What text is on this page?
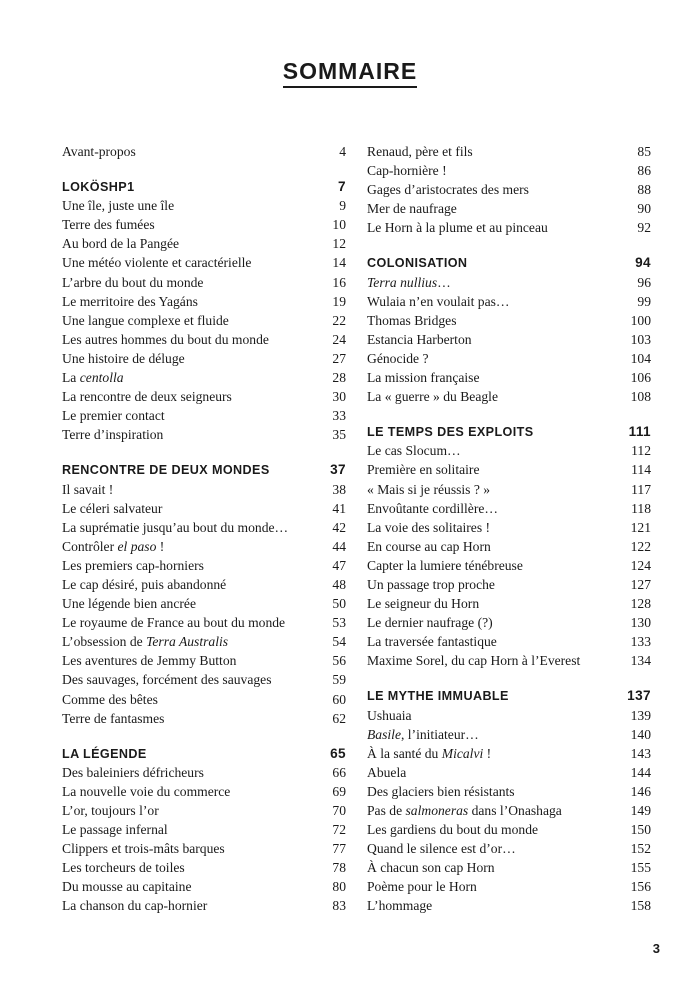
SOMMAIRE
Avant-propos	4
LOKÖSHP1	7
Une île, juste une île	9
Terre des fumées	10
Au bord de la Pangée	12
Une météo violente et caractérielle	14
L’arbre du bout du monde	16
Le merritoire des Yagáns	19
Une langue complexe et fluide	22
Les autres hommes du bout du monde	24
Une histoire de déluge	27
La centolla	28
La rencontre de deux seigneurs	30
Le premier contact	33
Terre d’inspiration	35
RENCONTRE DE DEUX MONDES	37
Il savait !	38
Le céleri salvateur	41
La suprématie jusqu’au bout du monde…	42
Contrôler el paso !	44
Les premiers cap-horniers	47
Le cap désiré, puis abandonné	48
Une légende bien ancrée	50
Le royaume de France au bout du monde	53
L’obsession de Terra Australis	54
Les aventures de Jemmy Button	56
Des sauvages, forcément des sauvages	59
Comme des bêtes	60
Terre de fantasmes	62
LA LÉGENDE	65
Des baleiniers défricheurs	66
La nouvelle voie du commerce	69
L’or, toujours l’or	70
Le passage infernal	72
Clippers et trois-mâts barques	77
Les torcheurs de toiles	78
Du mousse au capitaine	80
La chanson du cap-hornier	83
Renaud, père et fils	85
Cap-hornière !	86
Gages d’aristocrates des mers	88
Mer de naufrage	90
Le Horn à la plume et au pinceau	92
COLONISATION	94
Terra nullius…	96
Wulaia n’en voulait pas…	99
Thomas Bridges	100
Estancia Harberton	103
Génocide ?	104
La mission française	106
La « guerre » du Beagle	108
LE TEMPS DES EXPLOITS	111
Le cas Slocum…	112
Première en solitaire	114
« Mais si je réussis ? »	117
Envoûtante cordillère…	118
La voie des solitaires !	121
En course au cap Horn	122
Capter la lumiere ténébreuse	124
Un passage trop proche	127
Le seigneur du Horn	128
Le dernier naufrage (?)	130
La traversée fantastique	133
Maxime Sorel, du cap Horn à l’Everest	134
LE MYTHE IMMUABLE	137
Ushuaia	139
Basile, l’initiateur…	140
À la santé du Micalvi !	143
Abuela	144
Des glaciers bien résistants	146
Pas de salmoneras dans l’Onashaga	149
Les gardiens du bout du monde	150
Quand le silence est d’or…	152
À chacun son cap Horn	155
Poème pour le Horn	156
L’hommage	158
3
